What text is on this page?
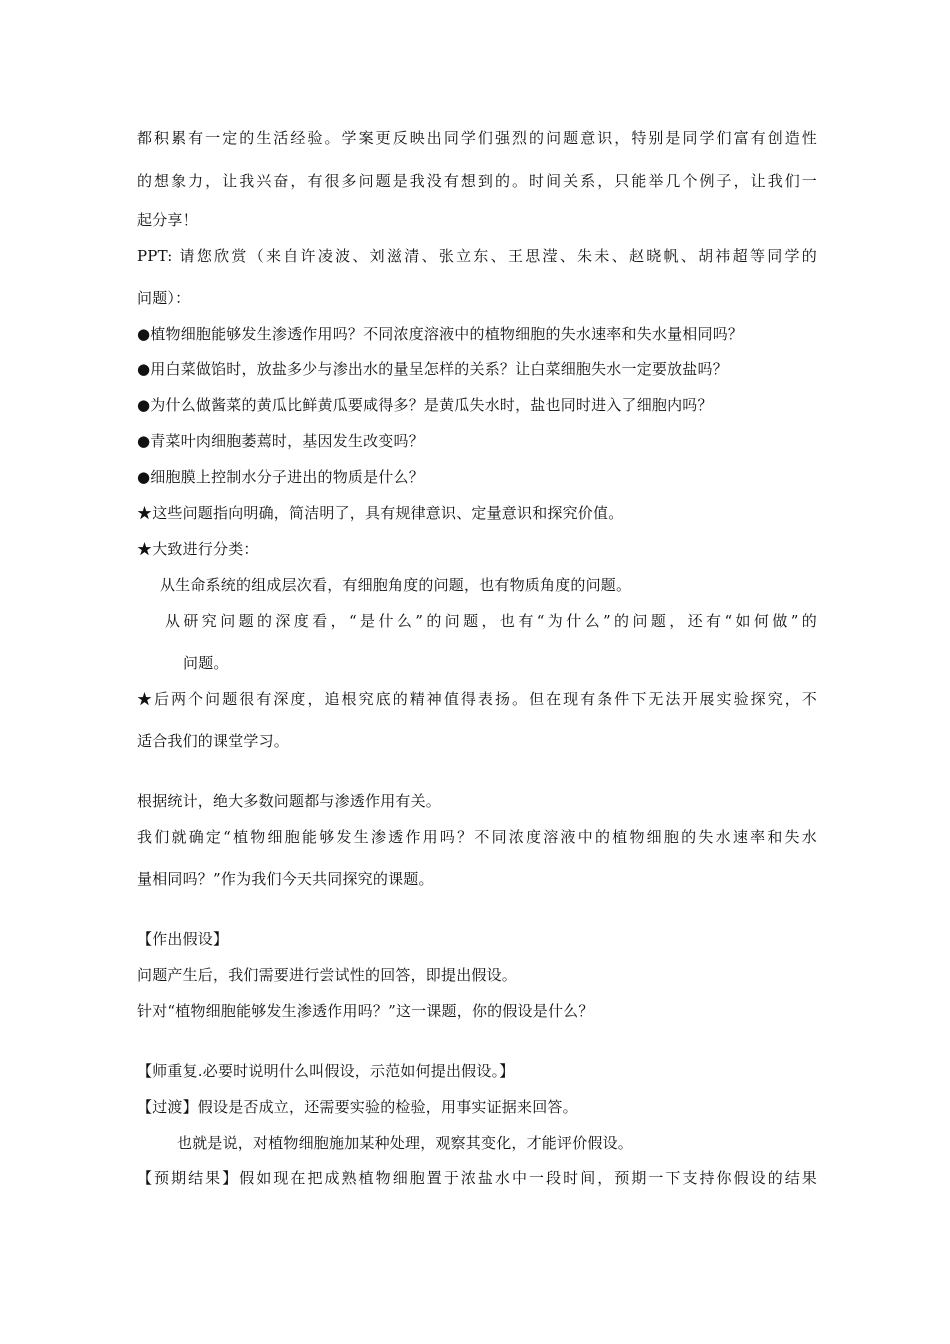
都积累有一定的生活经验。学案更反映出同学们强烈的问题意识，特别是同学们富有创造性
的想象力，让我兴奋，有很多问题是我没有想到的。时间关系，只能举几个例子，让我们一
起分享！
PPT: 请您欣赏（来自许凌波、刘滋清、张立东、王思滢、朱未、赵晓帆、胡祎超等同学的
问题）：
●植物细胞能够发生渗透作用吗？不同浓度溶液中的植物细胞的失水速率和失水量相同吗？
●用白菜做馅时，放盐多少与渗出水的量呈怎样的关系？让白菜细胞失水一定要放盐吗？
●为什么做酱菜的黄瓜比鲜黄瓜要咸得多？是黄瓜失水时，盐也同时进入了细胞内吗？
●青菜叶肉细胞萎蔫时，基因发生改变吗？
●细胞膜上控制水分子进出的物质是什么？
★这些问题指向明确，简洁明了，具有规律意识、定量意识和探究价值。
★大致进行分类：
从生命系统的组成层次看，有细胞角度的问题，也有物质角度的问题。
从研究问题的深度看，“是什么”的问题，也有“为什么”的问题，还有“如何做”的
问题。
★后两个问题很有深度，追根究底的精神值得表扬。但在现有条件下无法开展实验探究，不
适合我们的课堂学习。
根据统计，绝大多数问题都与渗透作用有关。
我们就确定“植物细胞能够发生渗透作用吗？不同浓度溶液中的植物细胞的失水速率和失水
量相同吗？”作为我们今天共同探究的课题。
【作出假设】
问题产生后，我们需要进行尝试性的回答，即提出假设。
针对“植物细胞能够发生渗透作用吗？”这一课题，你的假设是什么？
【师重复.必要时说明什么叫假设，示范如何提出假设。】
【过渡】假设是否成立，还需要实验的检验，用事实证据来回答。
也就是说，对植物细胞施加某种处理，观察其变化，才能评价假设。
【预期结果】假如现在把成熟植物细胞置于浓盐水中一段时间，预期一下支持你假设的结果
